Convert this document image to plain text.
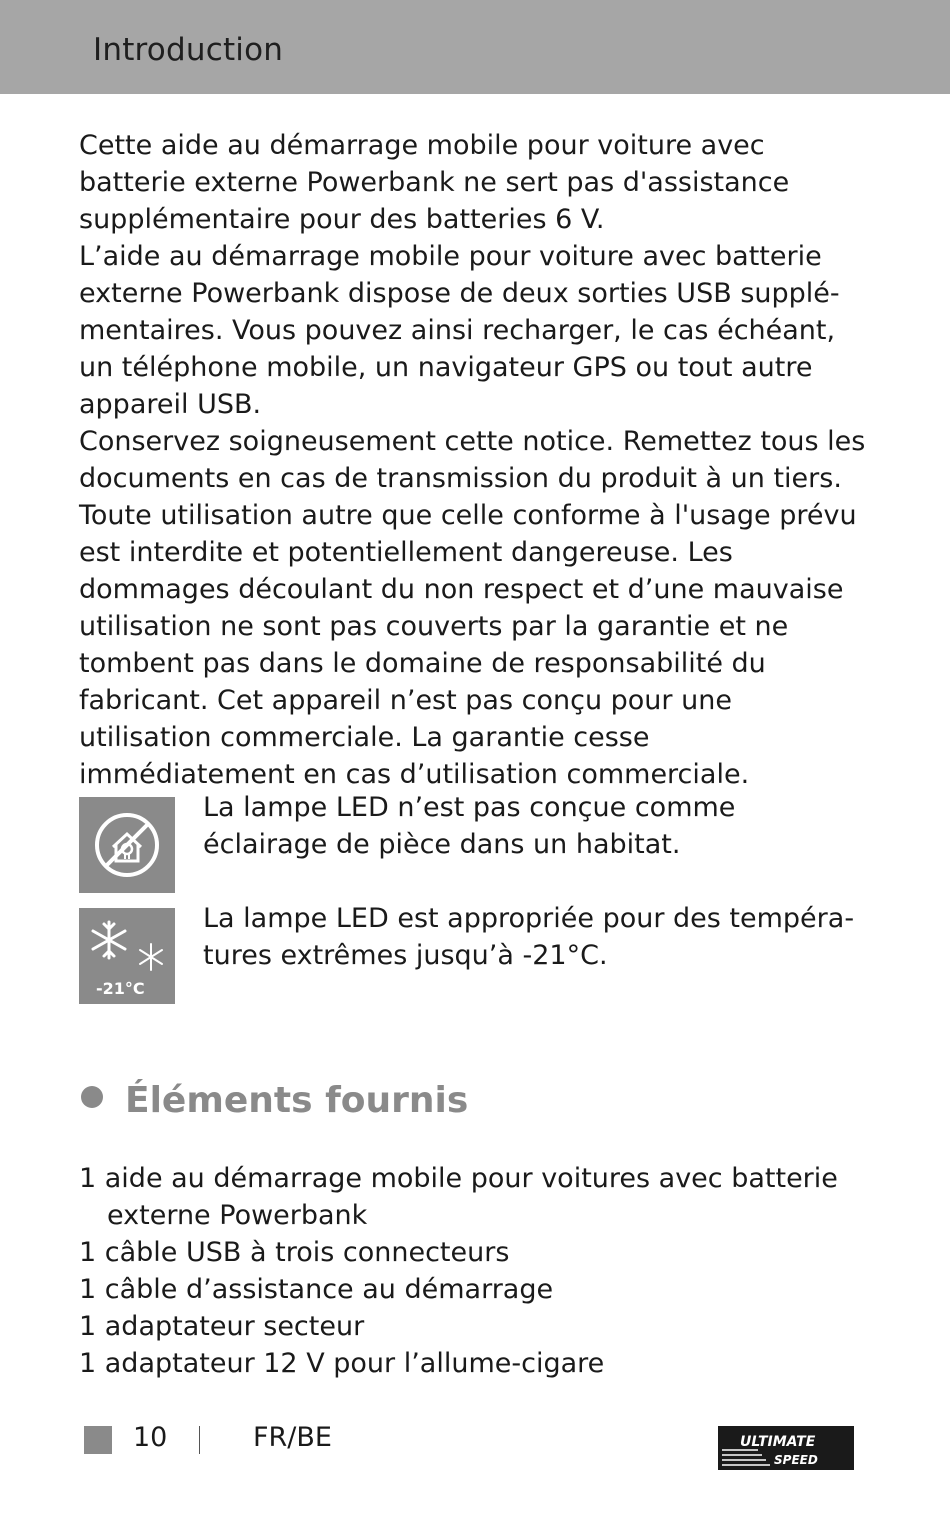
Introduction

Cette aide au démarrage mobile pour voiture avec batterie externe Powerbank ne sert pas d'assistance supplémentaire pour des batteries 6 V.

L’aide au démarrage mobile pour voiture avec batterie externe Powerbank dispose de deux sorties USB supplémentaires. Vous pouvez ainsi recharger, le cas échéant, un téléphone mobile, un navigateur GPS ou tout autre appareil USB.

Conservez soigneusement cette notice. Remettez tous les documents en cas de transmission du produit à un tiers. Toute utilisation autre que celle conforme à l'usage prévu est interdite et potentiellement dangereuse. Les dommages découlant du non respect et d’une mauvaise utilisation ne sont pas couverts par la garantie et ne tombent pas dans le domaine de responsabilité du fabricant. Cet appareil n’est pas conçu pour une utilisation commerciale. La garantie cesse immédiatement en cas d’utilisation commerciale.

La lampe LED n’est pas conçue comme éclairage de pièce dans un habitat.
-21°C
La lampe LED est appropriée pour des températures extrêmes jusqu’à -21°C.
Éléments fournis
1 aide au démarrage mobile pour voitures avec batterie externe Powerbank
1 câble USB à trois connecteurs
1 câble d’assistance au démarrage
1 adaptateur secteur
1 adaptateur 12 V pour l’allume-cigare
10	FR/BE	ULTIMATE
SPEED
